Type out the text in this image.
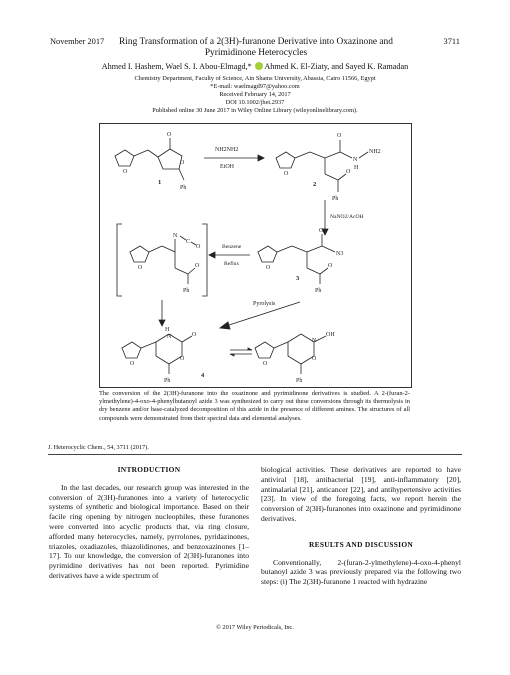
November 2017 Ring Transformation of a 2(3H)-furanone Derivative into Oxazinone and Pyrimidinone Heterocycles
3711
Ahmed I. Hashem, Wael S. I. Abou-Elmagd,* Ahmed K. El-Ziaty, and Sayed K. Ramadan
Chemistry Department, Faculty of Science, Ain Shams University, Abassia, Cairo 11566, Egypt
*E-mail: waelmagd97@yahoo.com
Received February 14, 2017
DOI 10.1002/jhet.2937
Published online 30 June 2017 in Wiley Online Library (wileyonlinelibrary.com).
O
O
O
Ph
1
NH2NH2
EtOH
O
O
N
H
NH2
O
Ph
2
NaNO2/AcOH
O
O
N3
O
Ph
3
Benzene
Reflux
O
N
C
O
O
Ph
Pyrolysis
O
N
O
OH
Ph
O
H
N	O
O
Ph
4
The conversion of the 2(3H)-furanone into the oxazinone and pyrimidinone derivatives is studied. A 2-(furan-2-ylmethylene)-4-oxo-4-phenylbutanoyl azide 3 was synthesized to carry out these conversions through its thermolysis in dry benzene and/or base-catalyzed decomposition of this azide in the presence of different amines. The structures of all compounds were demonstrated from their spectral data and elemental analyses.
J. Heterocyclic Chem., 54, 3711 (2017).
INTRODUCTION

In the last decades, our research group was interested in the conversion of 2(3H)-furanones into a variety of heterocyclic systems of synthetic and biological importance. Based on their facile ring opening by nitrogen nucleophiles, these furanones were converted into acyclic products that, via ring closure, afforded many heterocycles, namely, pyrrolones, pyridazinones, triazoles, oxadiazoles, thiazolidinones, and benzoxazinones [1–17]. To our knowledge, the conversion of 2(3H)-furanones into pyrimidine derivatives has not been reported. Pyrimidine derivatives have a wide spectrum of

biological activities. These derivatives are reported to have antiviral [18], antibacterial [19], anti-inflammatory [20], antimalarial [21], anticancer [22], and antihypertensive activities [23]. In view of the foregoing facts, we report herein the conversion of 2(3H)-furanones into oxazinone and pyrimidinone derivatives.

RESULTS AND DISCUSSION

Conventionally, 2-(furan-2-ylmethylene)-4-oxo-4-phenyl butanoyl azide 3 was previously prepared via the following two steps: (i) The 2(3H)-furanone 1 reacted with hydrazine

© 2017 Wiley Periodicals, Inc.
